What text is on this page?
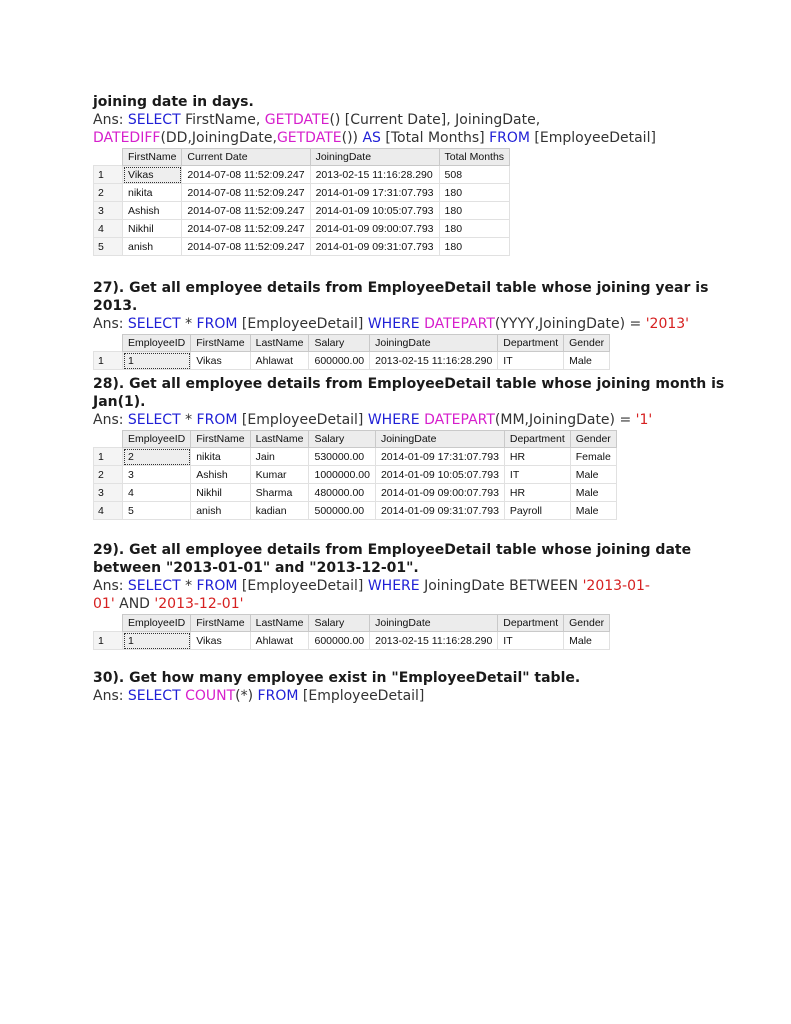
joining date in days.

Ans: SELECT FirstName, GETDATE() [Current Date], JoiningDate,
DATEDIFF(DD,JoiningDate,GETDATE()) AS [Total Months] FROM [EmployeeDetail]

	FirstName	Current Date	JoiningDate	Total Months
1	Vikas	2014-07-08 11:52:09.247	2013-02-15 11:16:28.290	508
2	nikita	2014-07-08 11:52:09.247	2014-01-09 17:31:07.793	180
3	Ashish	2014-07-08 11:52:09.247	2014-01-09 10:05:07.793	180
4	Nikhil	2014-07-08 11:52:09.247	2014-01-09 09:00:07.793	180
5	anish	2014-07-08 11:52:09.247	2014-01-09 09:31:07.793	180

27). Get all employee details from EmployeeDetail table whose joining year is 2013.

Ans: SELECT * FROM [EmployeeDetail] WHERE DATEPART(YYYY,JoiningDate) = '2013'

	EmployeeID	FirstName	LastName	Salary	JoiningDate	Department	Gender
1	1	Vikas	Ahlawat	600000.00	2013-02-15 11:16:28.290	IT	Male

28). Get all employee details from EmployeeDetail table whose joining month is Jan(1).

Ans: SELECT * FROM [EmployeeDetail] WHERE DATEPART(MM,JoiningDate) = '1'

	EmployeeID	FirstName	LastName	Salary	JoiningDate	Department	Gender
1	2	nikita	Jain	530000.00	2014-01-09 17:31:07.793	HR	Female
2	3	Ashish	Kumar	1000000.00	2014-01-09 10:05:07.793	IT	Male
3	4	Nikhil	Sharma	480000.00	2014-01-09 09:00:07.793	HR	Male
4	5	anish	kadian	500000.00	2014-01-09 09:31:07.793	Payroll	Male

29). Get all employee details from EmployeeDetail table whose joining date between "2013-01-01" and "2013-12-01".

Ans: SELECT * FROM [EmployeeDetail] WHERE JoiningDate BETWEEN '2013-01-
01' AND '2013-12-01'

	EmployeeID	FirstName	LastName	Salary	JoiningDate	Department	Gender
1	1	Vikas	Ahlawat	600000.00	2013-02-15 11:16:28.290	IT	Male

30). Get how many employee exist in "EmployeeDetail" table.

Ans: SELECT COUNT(*) FROM [EmployeeDetail]
